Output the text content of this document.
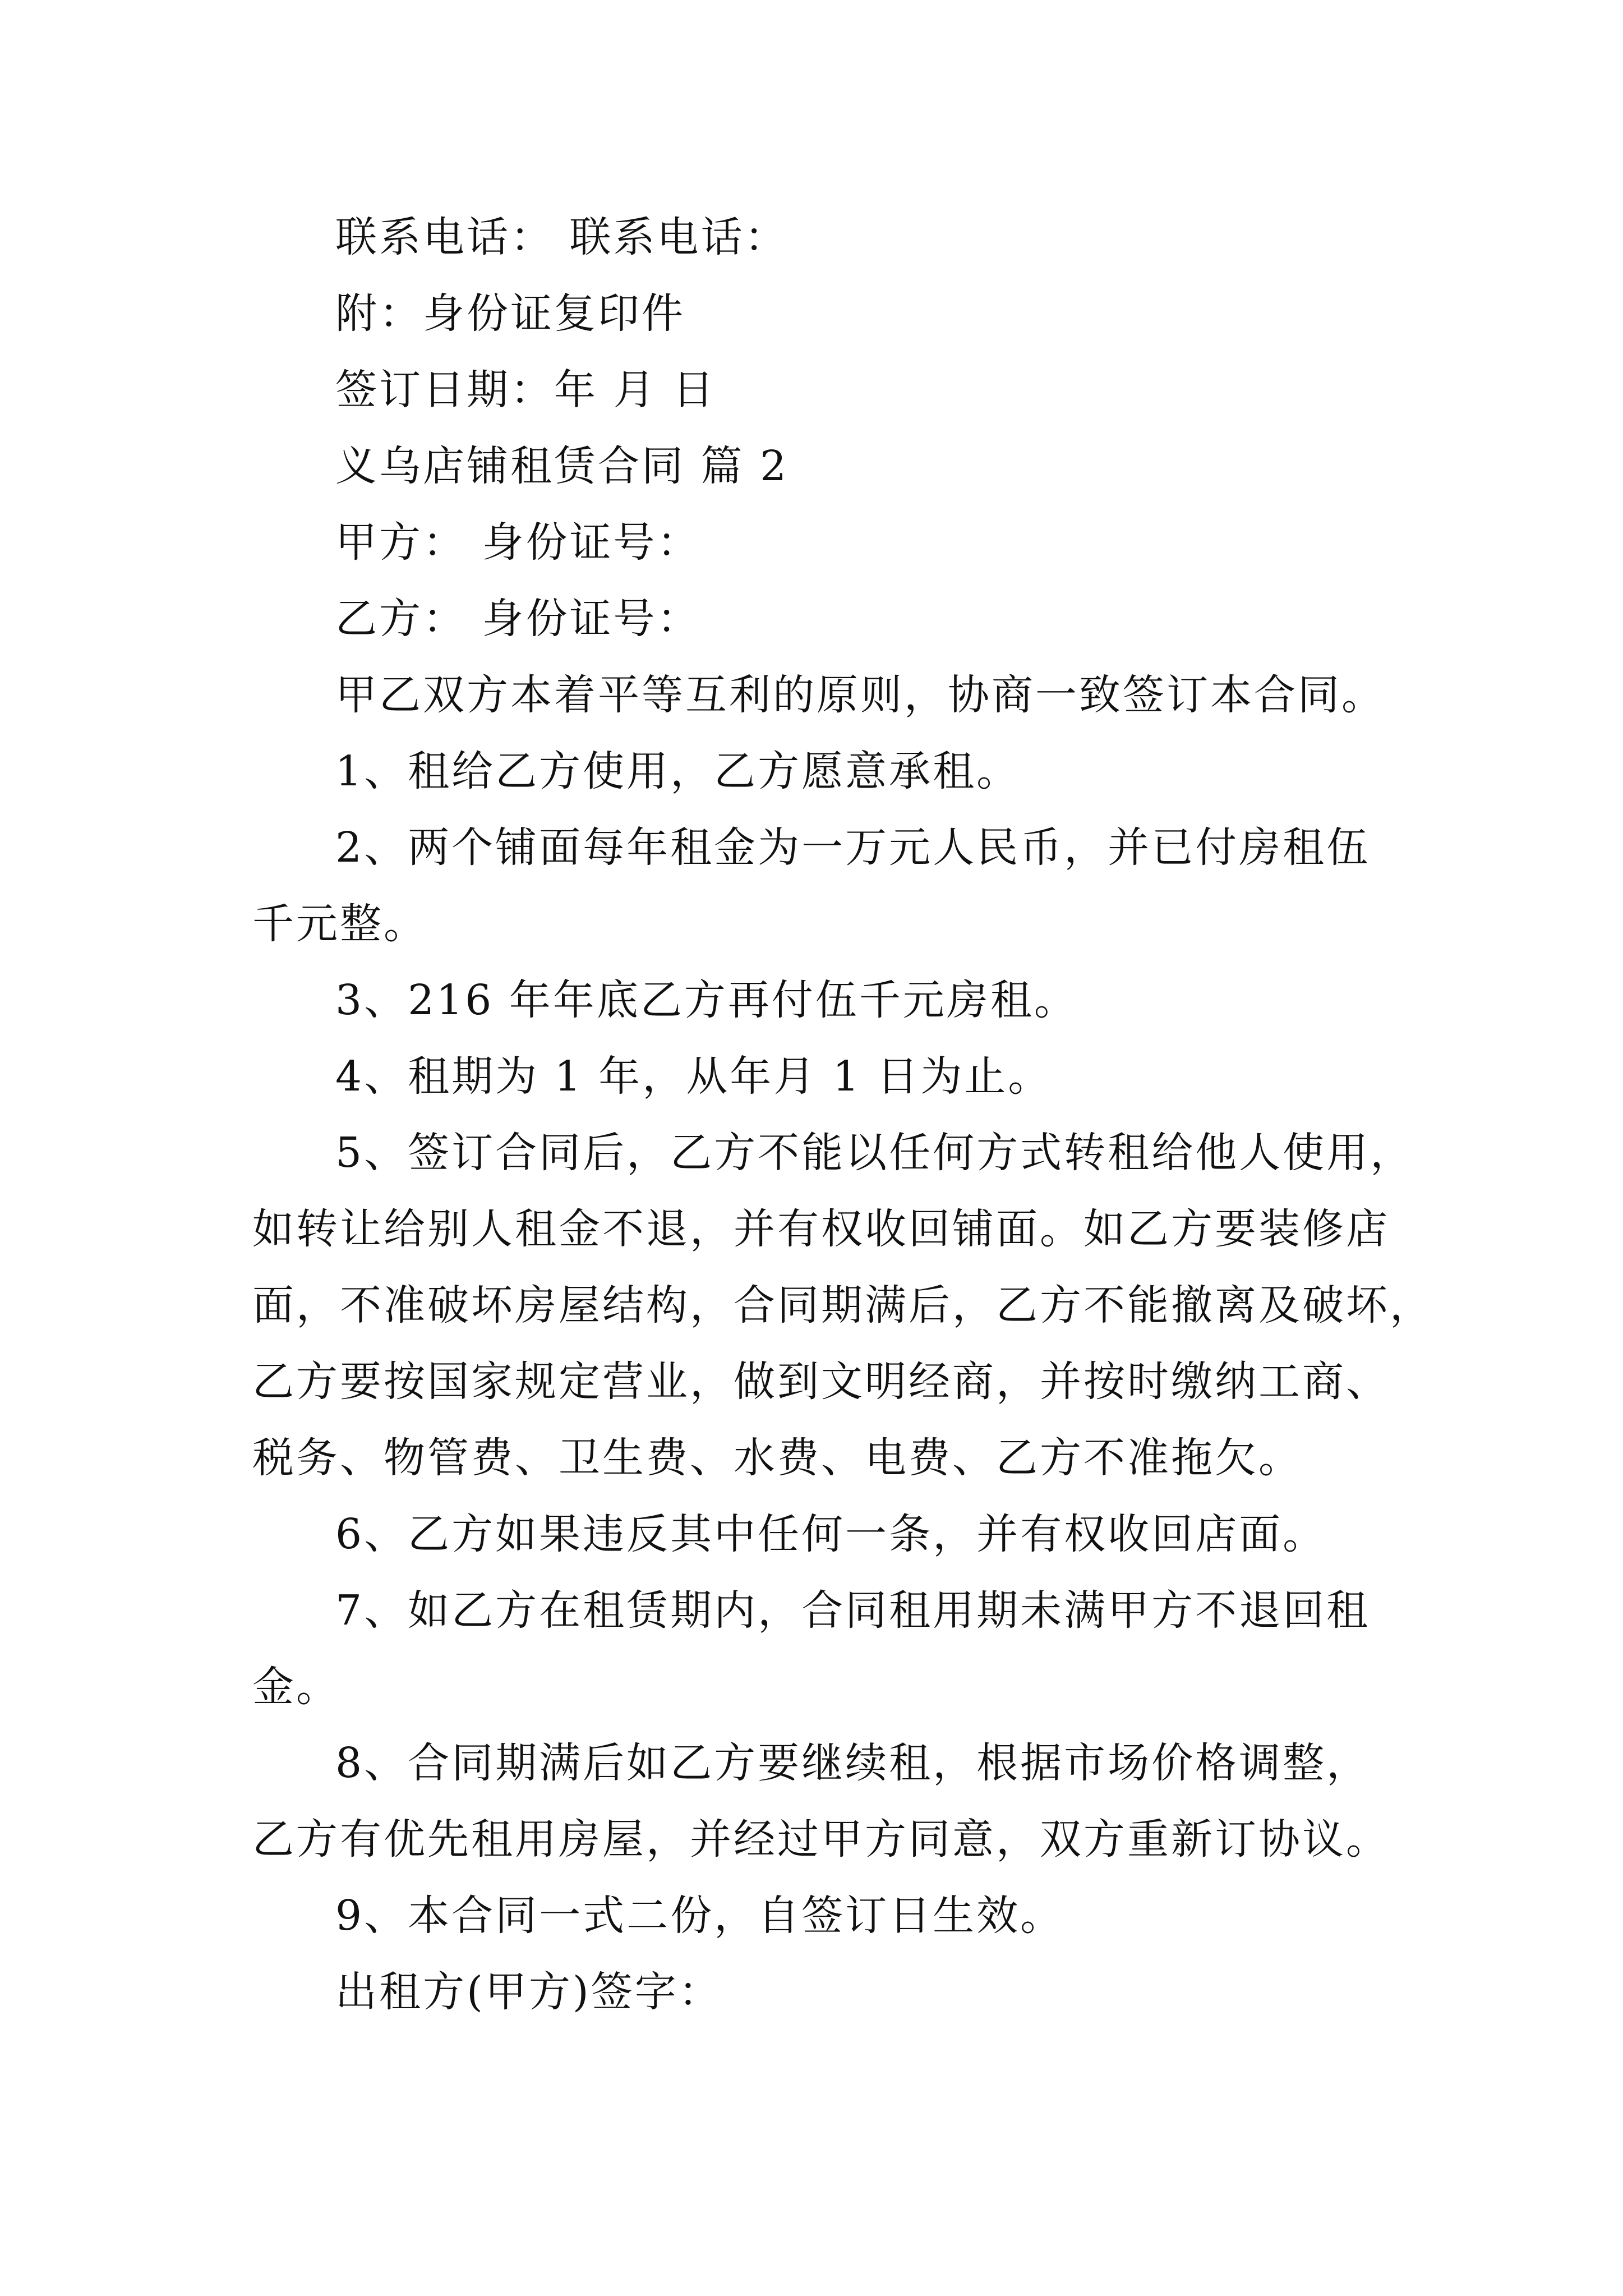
联系电话： 联系电话：
附：身份证复印件
签订日期：年 月 日
义乌店铺租赁合同 篇 2
甲方： 身份证号：
乙方： 身份证号：
甲乙双方本着平等互利的原则，协商一致签订本合同。
1、租给乙方使用，乙方愿意承租。
2、两个铺面每年租金为一万元人民币，并已付房租伍
千元整。
3、216 年年底乙方再付伍千元房租。
4、租期为 1 年，从年月 1 日为止。
5、签订合同后，乙方不能以任何方式转租给他人使用，
如转让给别人租金不退，并有权收回铺面。如乙方要装修店
面，不准破坏房屋结构，合同期满后，乙方不能撤离及破坏，
乙方要按国家规定营业，做到文明经商，并按时缴纳工商、
税务、物管费、卫生费、水费、电费、乙方不准拖欠。
6、乙方如果违反其中任何一条，并有权收回店面。
7、如乙方在租赁期内，合同租用期未满甲方不退回租
金。
8、合同期满后如乙方要继续租，根据市场价格调整，
乙方有优先租用房屋，并经过甲方同意，双方重新订协议。
9、本合同一式二份，自签订日生效。
出租方(甲方)签字：
